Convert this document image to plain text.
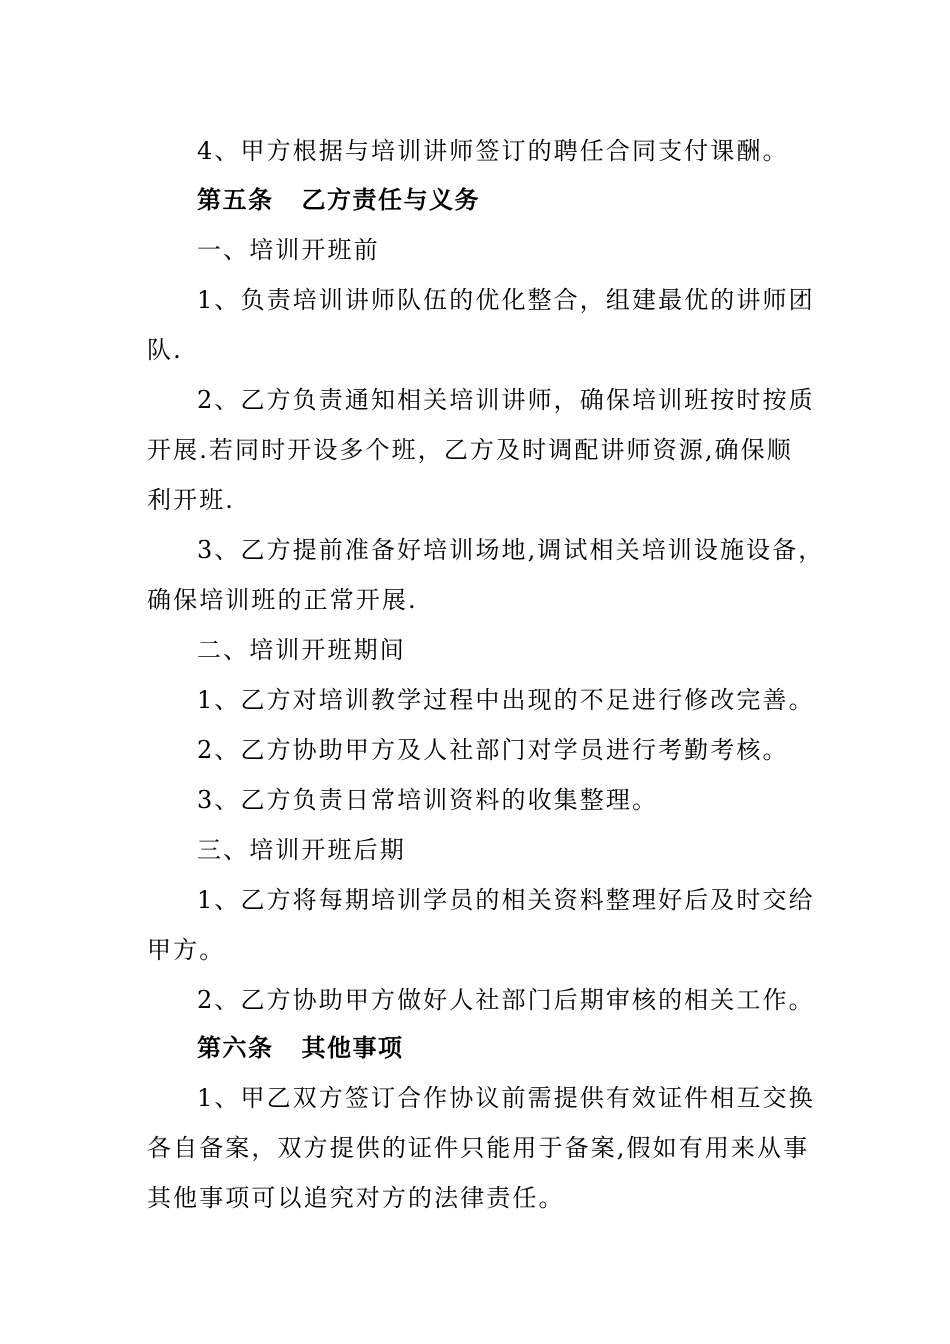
4、甲方根据与培训讲师签订的聘任合同支付课酬。
第五条 乙方责任与义务
一、培训开班前
1、负责培训讲师队伍的优化整合，组建最优的讲师团
队.
2、乙方负责通知相关培训讲师，确保培训班按时按质
开展.若同时开设多个班，乙方及时调配讲师资源,确保顺
利开班.
3、乙方提前准备好培训场地,调试相关培训设施设备，
确保培训班的正常开展.
二、培训开班期间
1、乙方对培训教学过程中出现的不足进行修改完善。
2、乙方协助甲方及人社部门对学员进行考勤考核。
3、乙方负责日常培训资料的收集整理。
三、培训开班后期
1、乙方将每期培训学员的相关资料整理好后及时交给
甲方。
2、乙方协助甲方做好人社部门后期审核的相关工作。
第六条 其他事项
1、甲乙双方签订合作协议前需提供有效证件相互交换
各自备案，双方提供的证件只能用于备案,假如有用来从事
其他事项可以追究对方的法律责任。
